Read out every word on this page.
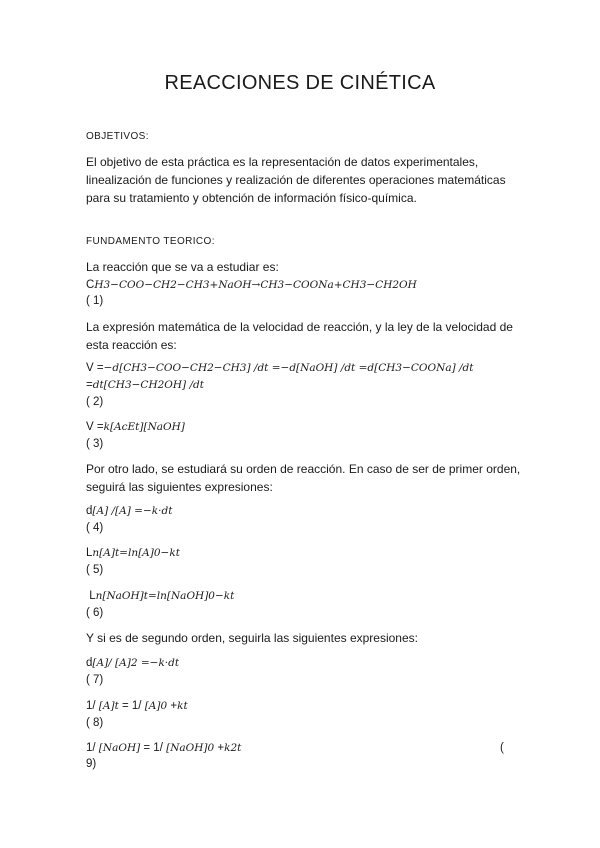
REACCIONES DE CINÉTICA
OBJETIVOS:
El objetivo de esta práctica es la representación de datos experimentales, linealización de funciones y realización de diferentes operaciones matemáticas para su tratamiento y obtención de información físico-química.
FUNDAMENTO TEORICO:
La reacción que se va a estudiar es:
CH3−COO−CH2−CH3+NaOH→CH3−COONa+CH3−CH2OH
( 1)
La expresión matemática de la velocidad de reacción, y la ley de la velocidad de esta reacción es:
V =−d[CH3−COO−CH2−CH3] /dt =−d[NaOH] /dt =d[CH3−COONa] /dt
=dt[CH3−CH2OH] /dt
( 2)
V =k[AcEt][NaOH]
( 3)
Por otro lado, se estudiará su orden de reacción. En caso de ser de primer orden, seguirá las siguientes expresiones:
d[A] /[A] =−k·dt
( 4)
Ln[A]t=ln[A]0−kt
( 5)
Ln[NaOH]t=ln[NaOH]0−kt
( 6)
Y si es de segundo orden, seguirla las siguientes expresiones:
d[A]/ [A]2 =−k·dt
( 7)
1/ [A]t = 1/ [A]0 +kt
( 8)
1/ [NaOH] = 1/ [NaOH]0 +k2t	(
9)
